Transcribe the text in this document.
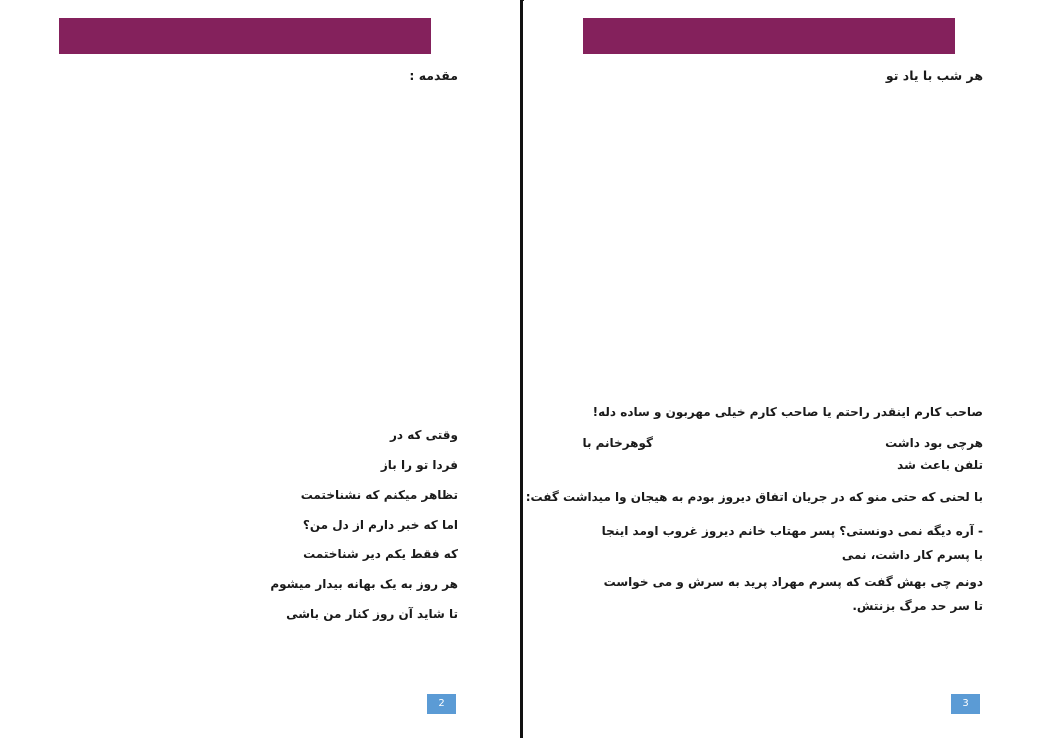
مقدمه :
وقتی که در
فردا تو را باز
تظاهر میکنم که نشناختمت
اما که خبر دارم از دل من؟
که فقط یکم دیر شناختمت
هر روز به یک بهانه بیدار میشوم
تا شاید آن روز کنار من باشی
2
هر شب با یاد تو
صاحب کارم اینقدر راحتم یا صاحب کارم خیلی مهربون و ساده دله!
هرچی بود داشت
گوهرخانم با
تلفن باعث شد
با لحنی که حتی منو که در جریان اتفاق دیروز بودم به هیجان وا میداشت گفت:
- آره دیگه نمی دونستی؟ پسر مهتاب خانم دیروز غروب اومد اینجا با پسرم کار داشت، نمی
دونم چی بهش گفت که پسرم مهراد پرید به سرش و می خواست تا سر حد مرگ بزنتش.
3
